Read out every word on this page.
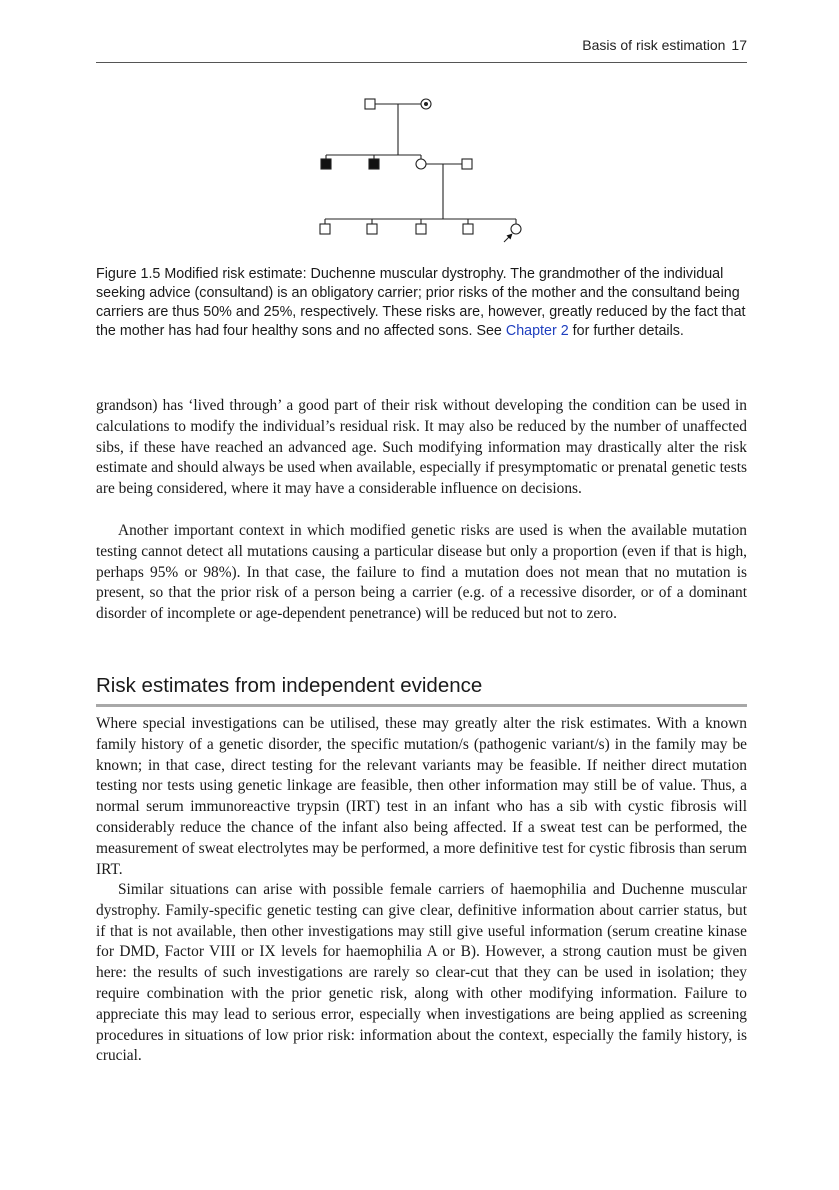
Basis of risk estimation 17
Figure 1.5 Modified risk estimate: Duchenne muscular dystrophy. The grandmother of the individual seeking advice (consultand) is an obligatory carrier; prior risks of the mother and the consultand being carriers are thus 50% and 25%, respectively. These risks are, however, greatly reduced by the fact that the mother has had four healthy sons and no affected sons. See Chapter 2 for further details.

grandson) has ‘lived through’ a good part of their risk without developing the condition can be used in calculations to modify the individual’s residual risk. It may also be reduced by the number of unaffected sibs, if these have reached an advanced age. Such modifying information may drastically alter the risk estimate and should always be used when available, especially if presymptomatic or prenatal genetic tests are being considered, where it may have a considerable influence on decisions.

Another important context in which modified genetic risks are used is when the available mutation testing cannot detect all mutations causing a particular disease but only a proportion (even if that is high, perhaps 95% or 98%). In that case, the failure to find a mutation does not mean that no mutation is present, so that the prior risk of a person being a carrier (e.g. of a recessive disorder, or of a dominant disorder of incomplete or age-dependent penetrance) will be reduced but not to zero.

Risk estimates from independent evidence

Where special investigations can be utilised, these may greatly alter the risk estimates. With a known family history of a genetic disorder, the specific mutation/s (pathogenic variant/s) in the family may be known; in that case, direct testing for the relevant variants may be feasible. If neither direct mutation testing nor tests using genetic linkage are feasible, then other information may still be of value. Thus, a normal serum immunoreactive trypsin (IRT) test in an infant who has a sib with cystic fibrosis will considerably reduce the chance of the infant also being affected. If a sweat test can be performed, the measurement of sweat electrolytes may be performed, a more definitive test for cystic fibrosis than serum IRT.

Similar situations can arise with possible female carriers of haemophilia and Duchenne muscular dystrophy. Family-specific genetic testing can give clear, definitive information about carrier status, but if that is not available, then other investigations may still give useful information (serum creatine kinase for DMD, Factor VIII or IX levels for haemophilia A or B). However, a strong caution must be given here: the results of such investigations are rarely so clear-cut that they can be used in isolation; they require combination with the prior genetic risk, along with other modifying information. Failure to appreciate this may lead to serious error, especially when investigations are being applied as screening procedures in situations of low prior risk: information about the context, especially the family history, is crucial.
